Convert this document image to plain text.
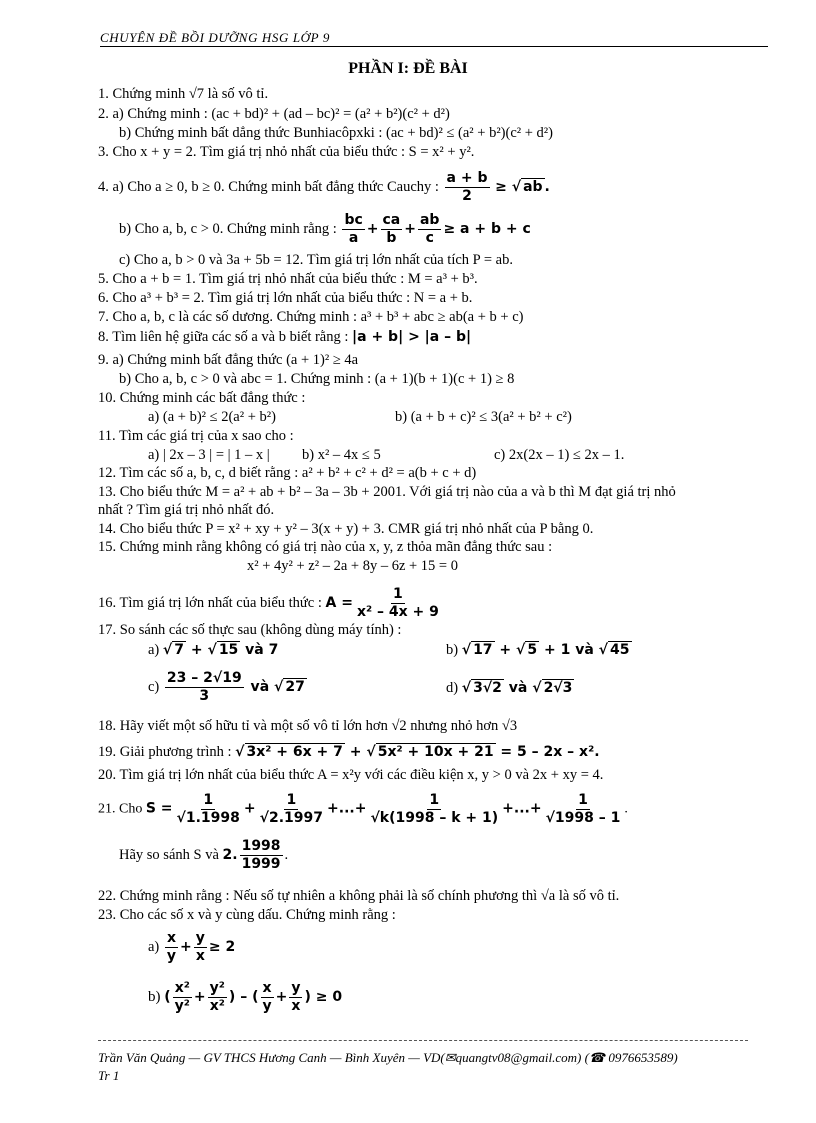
CHUYÊN ĐỀ BỒI DƯỠNG HSG LỚP 9
PHẦN I: ĐỀ BÀI
1. Chứng minh √7 là số vô tỉ.
2. a) Chứng minh : (ac + bd)² + (ad – bc)² = (a² + b²)(c² + d²)
b) Chứng minh bất dẳng thức Bunhiacôpxki : (ac + bd)² ≤ (a² + b²)(c² + d²)
3. Cho x + y = 2. Tìm giá trị nhỏ nhất của biểu thức : S = x² + y².
4. a) Cho a ≥ 0, b ≥ 0. Chứng minh bất đẳng thức Cauchy : $\frac{a + b}{2}$ ≥ √ ab .
b) Cho a, b, c > 0. Chứng minh rằng : $\frac{bc}{a} + \frac{ca}{b} + \frac{ab}{c} \ge a + b + c$
c) Cho a, b > 0 và 3a + 5b = 12. Tìm giá trị lớn nhất của tích P = ab.
5. Cho a + b = 1. Tìm giá trị nhỏ nhất của biểu thức : M = a³ + b³.
6. Cho a³ + b³ = 2. Tìm giá trị lớn nhất của biểu thức : N = a + b.
7. Cho a, b, c là các số dương. Chứng minh : a³ + b³ + abc ≥ ab(a + b + c)
8. Tìm liên hệ giữa các số a và b biết rằng : |a + b| > |a – b|
9. a) Chứng minh bất đẳng thức (a + 1)² ≥ 4a
b) Cho a, b, c > 0 và abc = 1. Chứng minh : (a + 1)(b + 1)(c + 1) ≥ 8
10. Chứng minh các bất đẳng thức :
a) (a + b)² ≤ 2(a² + b²)	b) (a + b + c)² ≤ 3(a² + b² + c²)
11. Tìm các giá trị của x sao cho :
a) | 2x – 3 | = | 1 – x | b) x² – 4x ≤ 5	c) 2x(2x – 1) ≤ 2x – 1.
12. Tìm các số a, b, c, d biết rằng : a² + b² + c² + d² = a(b + c + d)
13. Cho biểu thức M = a² + ab + b² – 3a – 3b + 2001. Với giá trị nào của a và b thì M đạt giá trị nhỏ
nhất ? Tìm giá trị nhỏ nhất đó.
14. Cho biểu thức P = x² + xy + y² – 3(x + y) + 3. CMR giá trị nhỏ nhất của P bằng 0.
15. Chứng minh rằng không có giá trị nào của x, y, z thỏa mãn đẳng thức sau :
x² + 4y² + z² – 2a + 8y – 6z + 15 = 0
16. Tìm giá trị lớn nhất của biểu thức : $A = \frac{1}{\text{x² – 4x + 9}}$
17. So sánh các số thực sau (không dùng máy tính) :
a) √ 7 + √ 15 và 7	b) √ 17 + √ 5 + 1 và √ 45
$c) \frac{23 - 2√19}{3}$ và √ 27	d) √ 3√2 và √ 2√3
18. Hãy viết một số hữu tỉ và một số vô tỉ lớn hơn √2 nhưng nhỏ hơn √3
19. Giải phương trình : √ 3x² + 6x + 7 + √ 5x² + 10x + 21 = 5 – 2x – x².
20. Tìm giá trị lớn nhất của biểu thức A = x²y với các điều kiện x, y > 0 và 2x + xy = 4.
21. Cho $S = \frac{1}{√1.1998} + \frac{1}{√2.1997}$ +...+ $\frac{1}{√k(1998 - k + 1)}$ +...+ $\frac{1}{√1998 - 1}$ .
Hãy so sánh S và 2. $\frac{1998}{1999}$ .
22. Chứng minh rằng : Nếu số tự nhiên a không phải là số chính phương thì √a là số vô tỉ.
23. Cho các số x và y cùng dấu. Chứng minh rằng :
$a) \frac{x}{y} + \frac{y}{x} \ge 2$
b) ( $\frac{\text{x²}}{\text{y²}} + \frac{\text{y²}}{\text{x²}}$ ) – ( $\frac{x}{y} + \frac{y}{x}$ ) ≥ 0
Trần Văn Quảng — GV THCS Hương Canh — Bình Xuyên — VD(✉quangtv08@gmail.com) (☎ 0976653589)
Tr 1
